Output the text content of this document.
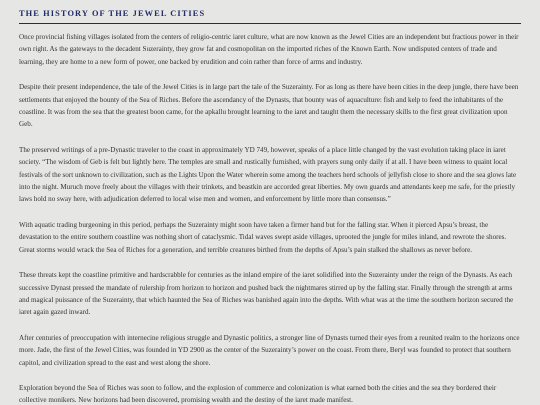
THE HISTORY OF THE JEWEL CITIES

Once provincial fishing villages isolated from the centers of religio-centric iaret culture, what are now known as the Jewel Cities are an independent but fractious power in their own right. As the gateways to the decadent Suzerainty, they grow fat and cosmopolitan on the imported riches of the Known Earth. Now undisputed centers of trade and learning, they are home to a new form of power, one backed by erudition and coin rather than force of arms and industry.

Despite their present independence, the tale of the Jewel Cities is in large part the tale of the Suzerainty. For as long as there have been cities in the deep jungle, there have been settlements that enjoyed the bounty of the Sea of Riches. Before the ascendancy of the Dynasts, that bounty was of aquaculture: fish and kelp to feed the inhabitants of the coastline. It was from the sea that the greatest boon came, for the apkallu brought learning to the iaret and taught them the necessary skills to the first great civilization upon Geb.

The preserved writings of a pre-Dynastic traveler to the coast in approximately YD 749, however, speaks of a place little changed by the vast evolution taking place in iaret society. “The wisdom of Geb is felt but lightly here. The temples are small and rustically furnished, with prayers sung only daily if at all. I have been witness to quaint local festivals of the sort unknown to civilization, such as the Lights Upon the Water wherein some among the teachers herd schools of jellyfish close to shore and the sea glows late into the night. Muruch move freely about the villages with their trinkets, and beastkin are accorded great liberties. My own guards and attendants keep me safe, for the priestly laws hold no sway here, with adjudication deferred to local wise men and women, and enforcement by little more than consensus.”

With aquatic trading burgeoning in this period, perhaps the Suzerainty might soon have taken a firmer hand but for the falling star. When it pierced Apsu’s breast, the devastation to the entire southern coastline was nothing short of cataclysmic. Tidal waves swept aside villages, uprooted the jungle for miles inland, and rewrote the shores. Great storms would wrack the Sea of Riches for a generation, and terrible creatures birthed from the depths of Apsu’s pain stalked the shallows as never before.

These threats kept the coastline primitive and hardscrabble for centuries as the inland empire of the iaret solidified into the Suzerainty under the reign of the Dynasts. As each successive Dynast pressed the mandate of rulership from horizon to horizon and pushed back the nightmares stirred up by the falling star. Finally through the strength at arms and magical puissance of the Suzerainty, that which haunted the Sea of Riches was banished again into the depths. With what was at the time the southern horizon secured the iaret again gazed inward.

After centuries of preoccupation with internecine religious struggle and Dynastic politics, a stronger line of Dynasts turned their eyes from a reunited realm to the horizons once more. Jade, the first of the Jewel Cities, was founded in YD 2900 as the center of the Suzerainty’s power on the coast. From there, Beryl was founded to protect that southern capitol, and civilization spread to the east and west along the shore.

Exploration beyond the Sea of Riches was soon to follow, and the explosion of commerce and colonization is what earned both the cities and the sea they bordered their collective monikers. New horizons had been discovered, promising wealth and the destiny of the iaret made manifest.
